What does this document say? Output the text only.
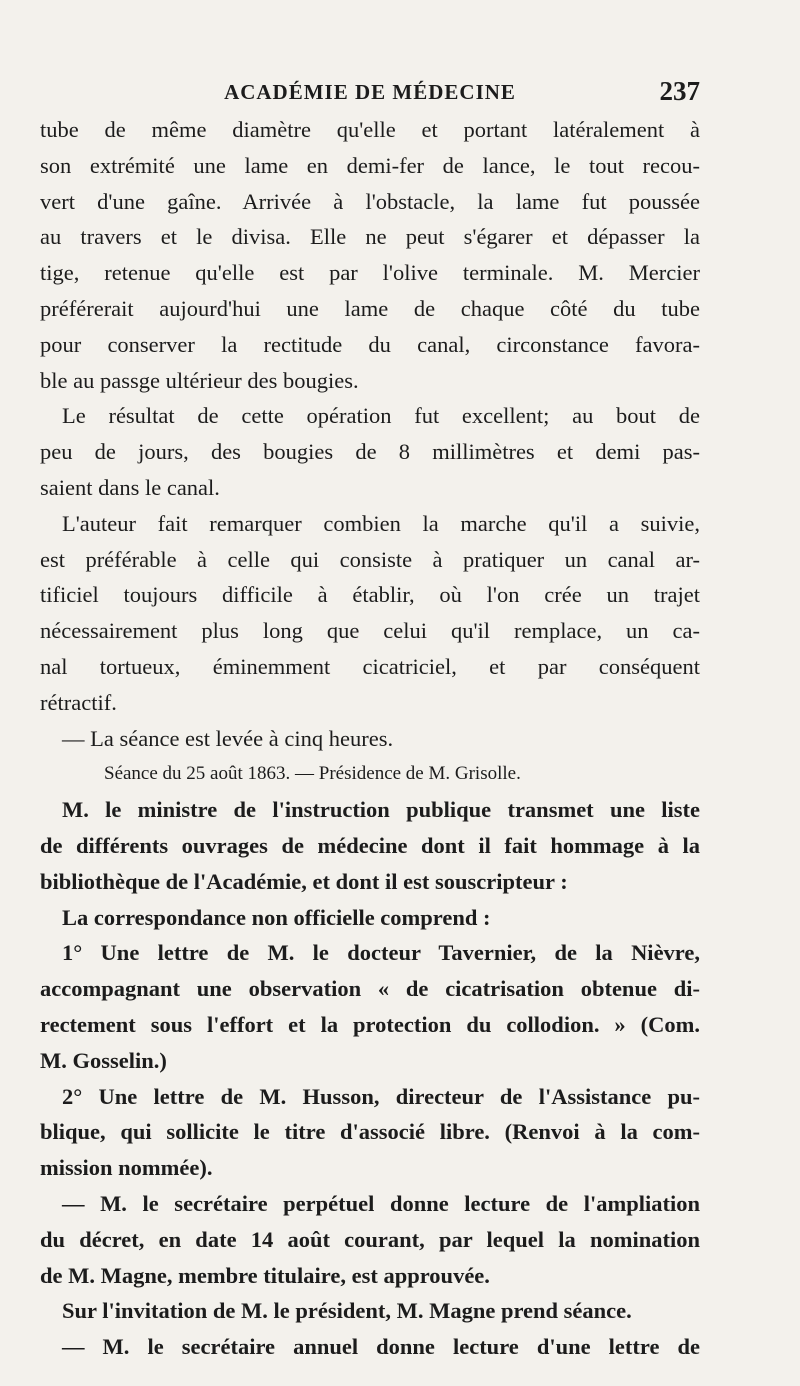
ACADÉMIE DE MÉDECINE	237
tube de même diamètre qu'elle et portant latéralement à
son extrémité une lame en demi-fer de lance, le tout recou-
vert d'une gaîne. Arrivée à l'obstacle, la lame fut poussée
au travers et le divisa. Elle ne peut s'égarer et dépasser la
tige, retenue qu'elle est par l'olive terminale. M. Mercier
préférerait aujourd'hui une lame de chaque côté du tube
pour conserver la rectitude du canal, circonstance favora-
ble au passge ultérieur des bougies.
Le résultat de cette opération fut excellent; au bout de
peu de jours, des bougies de 8 millimètres et demi pas-
saient dans le canal.
L'auteur fait remarquer combien la marche qu'il a suivie,
est préférable à celle qui consiste à pratiquer un canal ar-
tificiel toujours difficile à établir, où l'on crée un trajet
nécessairement plus long que celui qu'il remplace, un ca-
nal tortueux, éminemment cicatriciel, et par conséquent
rétractif.
— La séance est levée à cinq heures.
Séance du 25 août 1863. — Présidence de M. Grisolle.
M. le ministre de l'instruction publique transmet une liste
de différents ouvrages de médecine dont il fait hommage à la
bibliothèque de l'Académie, et dont il est souscripteur :
La correspondance non officielle comprend :
1° Une lettre de M. le docteur Tavernier, de la Nièvre,
accompagnant une observation « de cicatrisation obtenue di-
rectement sous l'effort et la protection du collodion. » (Com.
M. Gosselin.)
2° Une lettre de M. Husson, directeur de l'Assistance pu-
blique, qui sollicite le titre d'associé libre. (Renvoi à la com-
mission nommée).
— M. le secrétaire perpétuel donne lecture de l'ampliation
du décret, en date 14 août courant, par lequel la nomination
de M. Magne, membre titulaire, est approuvée.
Sur l'invitation de M. le président, M. Magne prend séance.
— M. le secrétaire annuel donne lecture d'une lettre de
